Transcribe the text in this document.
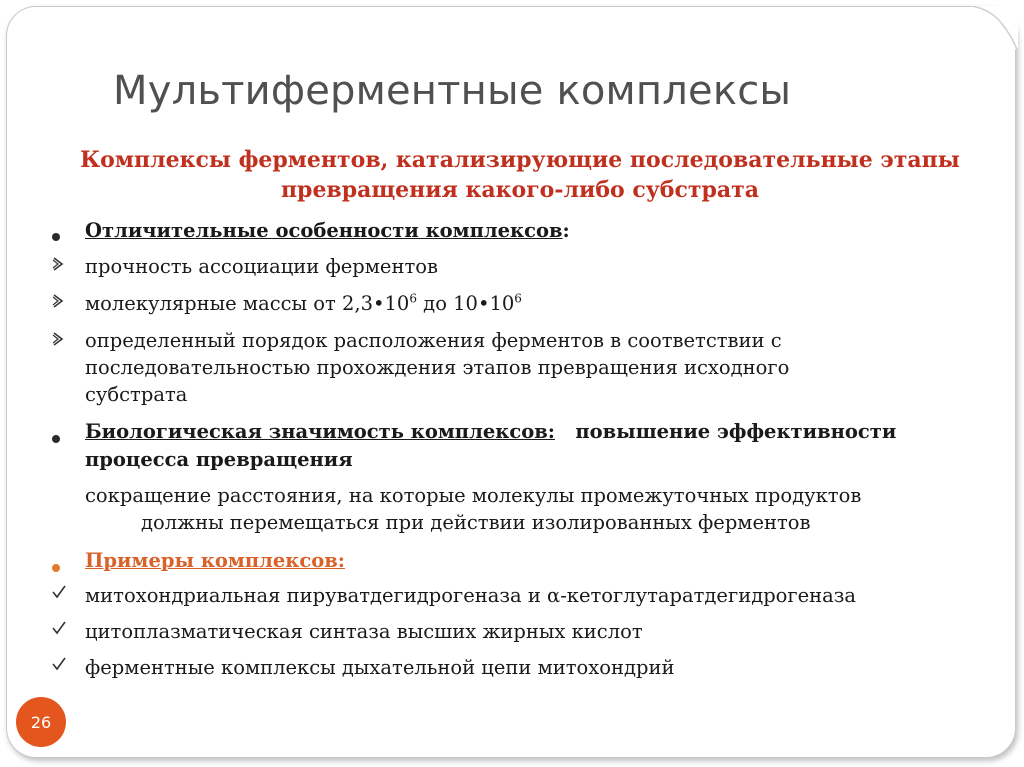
Мультиферментные комплексы
Комплексы ферментов, катализирующие последовательные этапы
превращения какого-либо субстрата
Отличительные особенности комплексов:
прочность ассоциации ферментов
молекулярные массы от $2,3•10^6$ до $10•10^6$
определенный порядок расположения ферментов в соответствии с
последовательностью прохождения этапов превращения исходного
субстрата
Биологическая значимость комплексов:   повышение эффективности
процесса превращения
сокращение расстояния, на которые молекулы промежуточных продуктов
должны перемещаться при действии изолированных ферментов
Примеры комплексов:
митохондриальная пируватдегидрогеназа и α-кетоглутаратдегидрогеназа
цитоплазматическая синтаза высших жирных кислот
ферментные комплексы дыхательной цепи митохондрий
26
